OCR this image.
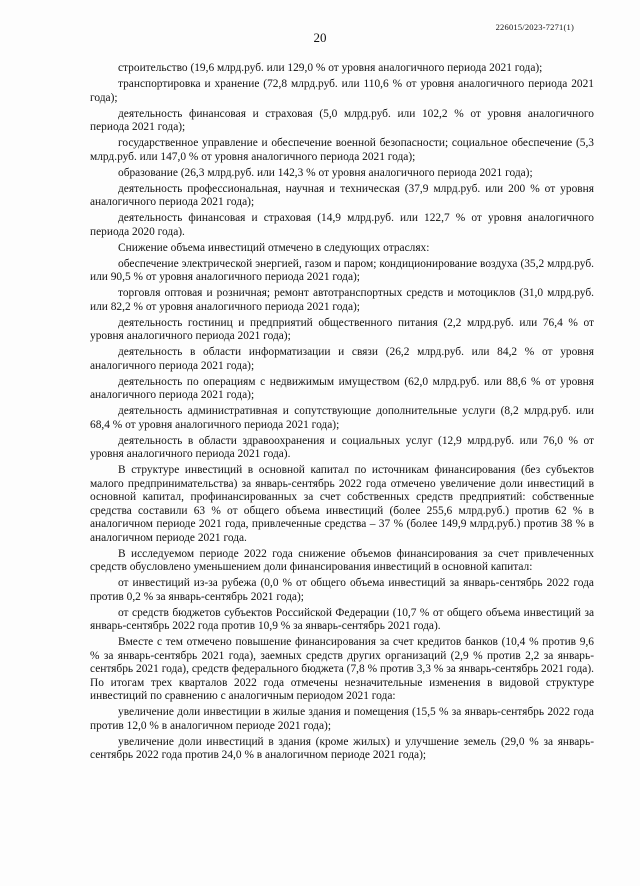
20
226015/2023-7271(1)

строительство (19,6 млрд.руб. или 129,0 % от уровня аналогичного периода 2021 года);

транспортировка и хранение (72,8 млрд.руб. или 110,6 % от уровня аналогичного периода 2021 года);

деятельность финансовая и страховая (5,0 млрд.руб. или 102,2 % от уровня аналогичного периода 2021 года);

государственное управление и обеспечение военной безопасности; социальное обеспечение (5,3 млрд.руб. или 147,0 % от уровня аналогичного периода 2021 года);

образование (26,3 млрд.руб. или 142,3 % от уровня аналогичного периода 2021 года);

деятельность профессиональная, научная и техническая (37,9 млрд.руб. или 200 % от уровня аналогичного периода 2021 года);

деятельность финансовая и страховая (14,9 млрд.руб. или 122,7 % от уровня аналогичного периода 2020 года).

Снижение объема инвестиций отмечено в следующих отраслях:

обеспечение электрической энергией, газом и паром; кондиционирование воздуха (35,2 млрд.руб. или 90,5 % от уровня аналогичного периода 2021 года);

торговля оптовая и розничная; ремонт автотранспортных средств и мотоциклов (31,0 млрд.руб. или 82,2 % от уровня аналогичного периода 2021 года);

деятельность гостиниц и предприятий общественного питания (2,2 млрд.руб. или 76,4 % от уровня аналогичного периода 2021 года);

деятельность в области информатизации и связи (26,2 млрд.руб. или 84,2 % от уровня аналогичного периода 2021 года);

деятельность по операциям с недвижимым имуществом (62,0 млрд.руб. или 88,6 % от уровня аналогичного периода 2021 года);

деятельность административная и сопутствующие дополнительные услуги (8,2 млрд.руб. или 68,4 % от уровня аналогичного периода 2021 года);

деятельность в области здравоохранения и социальных услуг (12,9 млрд.руб. или 76,0 % от уровня аналогичного периода 2021 года).

В структуре инвестиций в основной капитал по источникам финансирования (без субъектов малого предпринимательства) за январь-сентябрь 2022 года отмечено увеличение доли инвестиций в основной капитал, профинансированных за счет собственных средств предприятий: собственные средства составили 63 % от общего объема инвестиций (более 255,6 млрд.руб.) против 62 % в аналогичном периоде 2021 года, привлеченные средства – 37 % (более 149,9 млрд.руб.) против 38 % в аналогичном периоде 2021 года.

В исследуемом периоде 2022 года снижение объемов финансирования за счет привлеченных средств обусловлено уменьшением доли финансирования инвестиций в основной капитал:

от инвестиций из-за рубежа (0,0 % от общего объема инвестиций за январь-сентябрь 2022 года против 0,2 % за январь-сентябрь 2021 года);

от средств бюджетов субъектов Российской Федерации (10,7 % от общего объема инвестиций за январь-сентябрь 2022 года против 10,9 % за январь-сентябрь 2021 года).

Вместе с тем отмечено повышение финансирования за счет кредитов банков (10,4 % против 9,6 % за январь-сентябрь 2021 года), заемных средств других организаций (2,9 % против 2,2 за январь-сентябрь 2021 года), средств федерального бюджета (7,8 % против 3,3 % за январь-сентябрь 2021 года). По итогам трех кварталов 2022 года отмечены незначительные изменения в видовой структуре инвестиций по сравнению с аналогичным периодом 2021 года:

увеличение доли инвестиции в жилые здания и помещения (15,5 % за январь-сентябрь 2022 года против 12,0 % в аналогичном периоде 2021 года);

увеличение доли инвестиций в здания (кроме жилых) и улучшение земель (29,0 % за январь-сентябрь 2022 года против 24,0 % в аналогичном периоде 2021 года);
